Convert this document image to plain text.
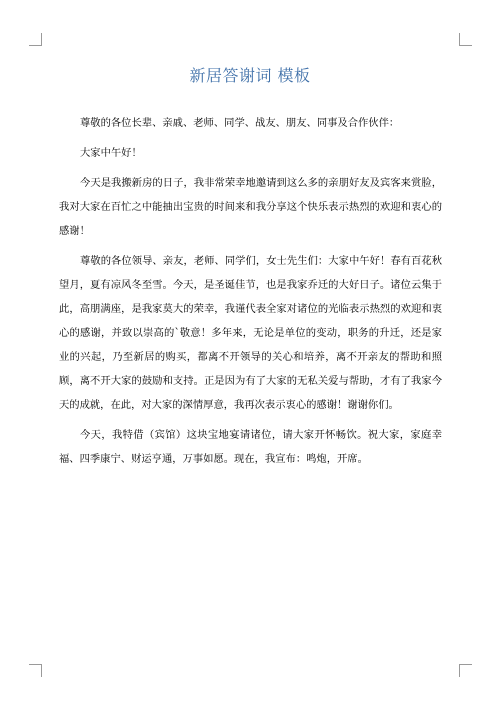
新居答谢词 模板

尊敬的各位长辈、亲戚、老师、同学、战友、朋友、同事及合作伙伴：

大家中午好！

今天是我搬新房的日子，我非常荣幸地邀请到这么多的亲朋好友及宾客来赏脸，我对大家在百忙之中能抽出宝贵的时间来和我分享这个快乐表示热烈的欢迎和衷心的感谢！

尊敬的各位领导、亲友，老师、同学们，女士先生们：大家中午好！春有百花秋望月，夏有凉风冬至雪。今天，是圣诞佳节，也是我家乔迁的大好日子。诸位云集于此，高朋满座，是我家莫大的荣幸，我谨代表全家对诸位的光临表示热烈的欢迎和衷心的感谢，并致以崇高的`敬意！多年来，无论是单位的变动，职务的升迁，还是家业的兴起，乃至新居的购买，都离不开领导的关心和培养，离不开亲友的帮助和照顾，离不开大家的鼓励和支持。正是因为有了大家的无私关爱与帮助，才有了我家今天的成就，在此，对大家的深情厚意，我再次表示衷心的感谢！谢谢你们。

今天，我特借（宾馆）这块宝地宴请诸位，请大家开怀畅饮。祝大家，家庭幸福、四季康宁、财运亨通，万事如愿。现在，我宣布：鸣炮，开席。
